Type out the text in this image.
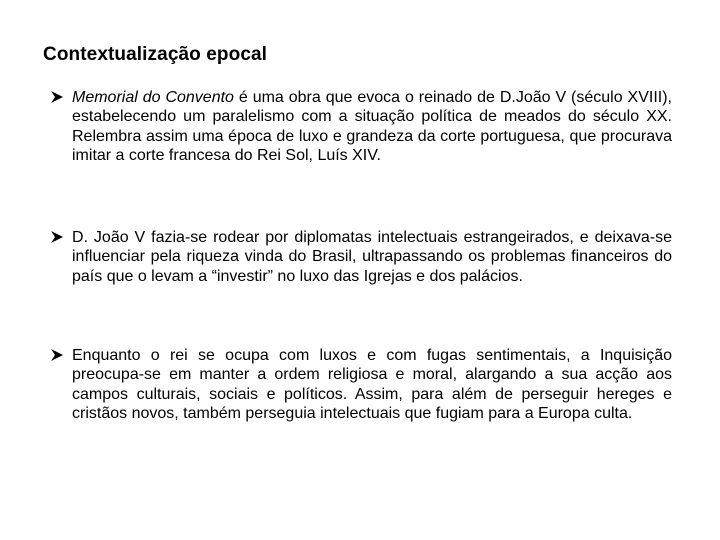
Contextualização epocal
Memorial do Convento é uma obra que evoca o reinado de D.João V (século XVIII), estabelecendo um paralelismo com a situação política de meados do século XX. Relembra assim uma época de luxo e grandeza da corte portuguesa, que procurava imitar a corte francesa do Rei Sol, Luís XIV.
D. João V fazia-se rodear por diplomatas intelectuais estrangeirados, e deixava-se influenciar pela riqueza vinda do Brasil, ultrapassando os problemas financeiros do país que o levam a “investir” no luxo das Igrejas e dos palácios.
Enquanto o rei se ocupa com luxos e com fugas sentimentais, a Inquisição preocupa-se em manter a ordem religiosa e moral, alargando a sua acção aos campos culturais, sociais e políticos. Assim, para além de perseguir hereges e cristãos novos, também perseguia intelectuais que fugiam para a Europa culta.
